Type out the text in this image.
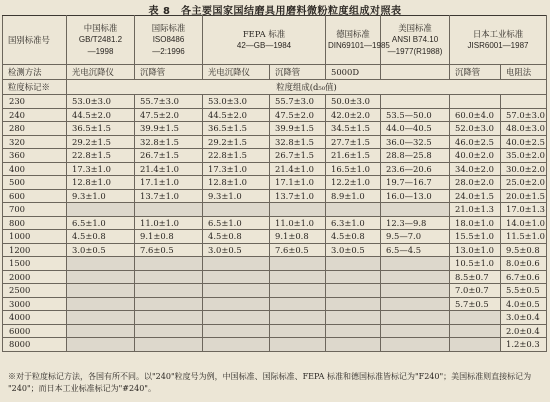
表 8　各主要国家国结磨具用磨料微粉粒度组成对照表
国别标准号	中国标准
GB/T2481.2
—1998	国际标准
ISO8486
—2:1996	FEPA 标准
42—GB—1984		德国标准
DIN69101—1985	美国标准
ANSI B74.10
—1977(R1988)	日本工业标准
JISR6001—1987	

检测方法	光电沉降仪	沉降管	光电沉降仪	沉降管	5000D		沉降管	电阻法
粒度标记※	粒度组成(d₅₀值)							
230	53.0±3.0	55.7±3.0	53.0±3.0	55.7±3.0	50.0±3.0			
240	44.5±2.0	47.5±2.0	44.5±2.0	47.5±2.0	42.0±2.0	53.5—50.0	60.0±4.0	57.0±3.0
280	36.5±1.5	39.9±1.5	36.5±1.5	39.9±1.5	34.5±1.5	44.0—40.5	52.0±3.0	48.0±3.0
320	29.2±1.5	32.8±1.5	29.2±1.5	32.8±1.5	27.7±1.5	36.0—32.5	46.0±2.5	40.0±2.5
360	22.8±1.5	26.7±1.5	22.8±1.5	26.7±1.5	21.6±1.5	28.8—25.8	40.0±2.0	35.0±2.0
400	17.3±1.0	21.4±1.0	17.3±1.0	21.4±1.0	16.5±1.0	23.6—20.6	34.0±2.0	30.0±2.0
500	12.8±1.0	17.1±1.0	12.8±1.0	17.1±1.0	12.2±1.0	19.7—16.7	28.0±2.0	25.0±2.0
600	9.3±1.0	13.7±1.0	9.3±1.0	13.7±1.0	8.9±1.0	16.0—13.0	24.0±1.5	20.0±1.5
700							21.0±1.3	17.0±1.3
800	6.5±1.0	11.0±1.0	6.5±1.0	11.0±1.0	6.3±1.0	12.3—9.8	18.0±1.0	14.0±1.0
1000	4.5±0.8	9.1±0.8	4.5±0.8	9.1±0.8	4.5±0.8	9.5—7.0	15.5±1.0	11.5±1.0
1200	3.0±0.5	7.6±0.5	3.0±0.5	7.6±0.5	3.0±0.5	6.5—4.5	13.0±1.0	9.5±0.8
1500							10.5±1.0	8.0±0.6
2000							8.5±0.7	6.7±0.6
2500							7.0±0.7	5.5±0.5
3000							5.7±0.5	4.0±0.5
4000								3.0±0.4
6000								2.0±0.4
8000								1.2±0.3
※对于粒度标记方法，各国有所不同。以"240"粒度号为例，中国标准、国际标准、FEPA 标准和德国标准皆标记为"F240"；美国标准则直接标记为
"240"；而日本工业标准标记为"#240"。
